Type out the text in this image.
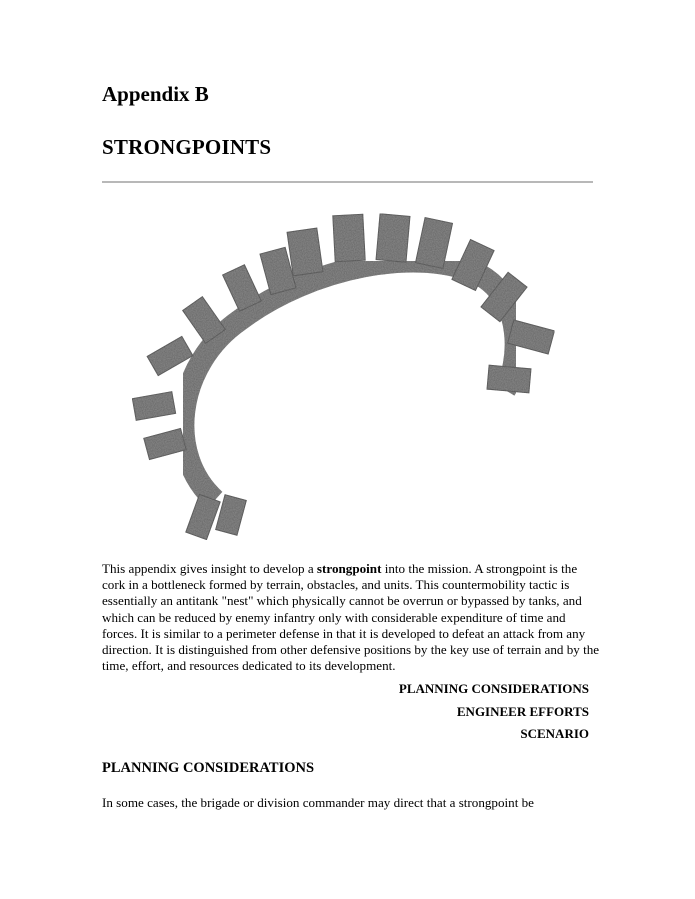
Appendix B
STRONGPOINTS

This appendix gives insight to develop a strongpoint into the mission. A strongpoint is the cork in a bottleneck formed by terrain, obstacles, and units. This countermobility tactic is essentially an antitank "nest" which physically cannot be overrun or bypassed by tanks, and which can be reduced by enemy infantry only with considerable expenditure of time and forces. It is similar to a perimeter defense in that it is developed to defeat an attack from any direction. It is distinguished from other defensive positions by the key use of terrain and by the time, effort, and resources dedicated to its development.

PLANNING CONSIDERATIONS
ENGINEER EFFORTS
SCENARIO
PLANNING CONSIDERATIONS

In some cases, the brigade or division commander may direct that a strongpoint be
